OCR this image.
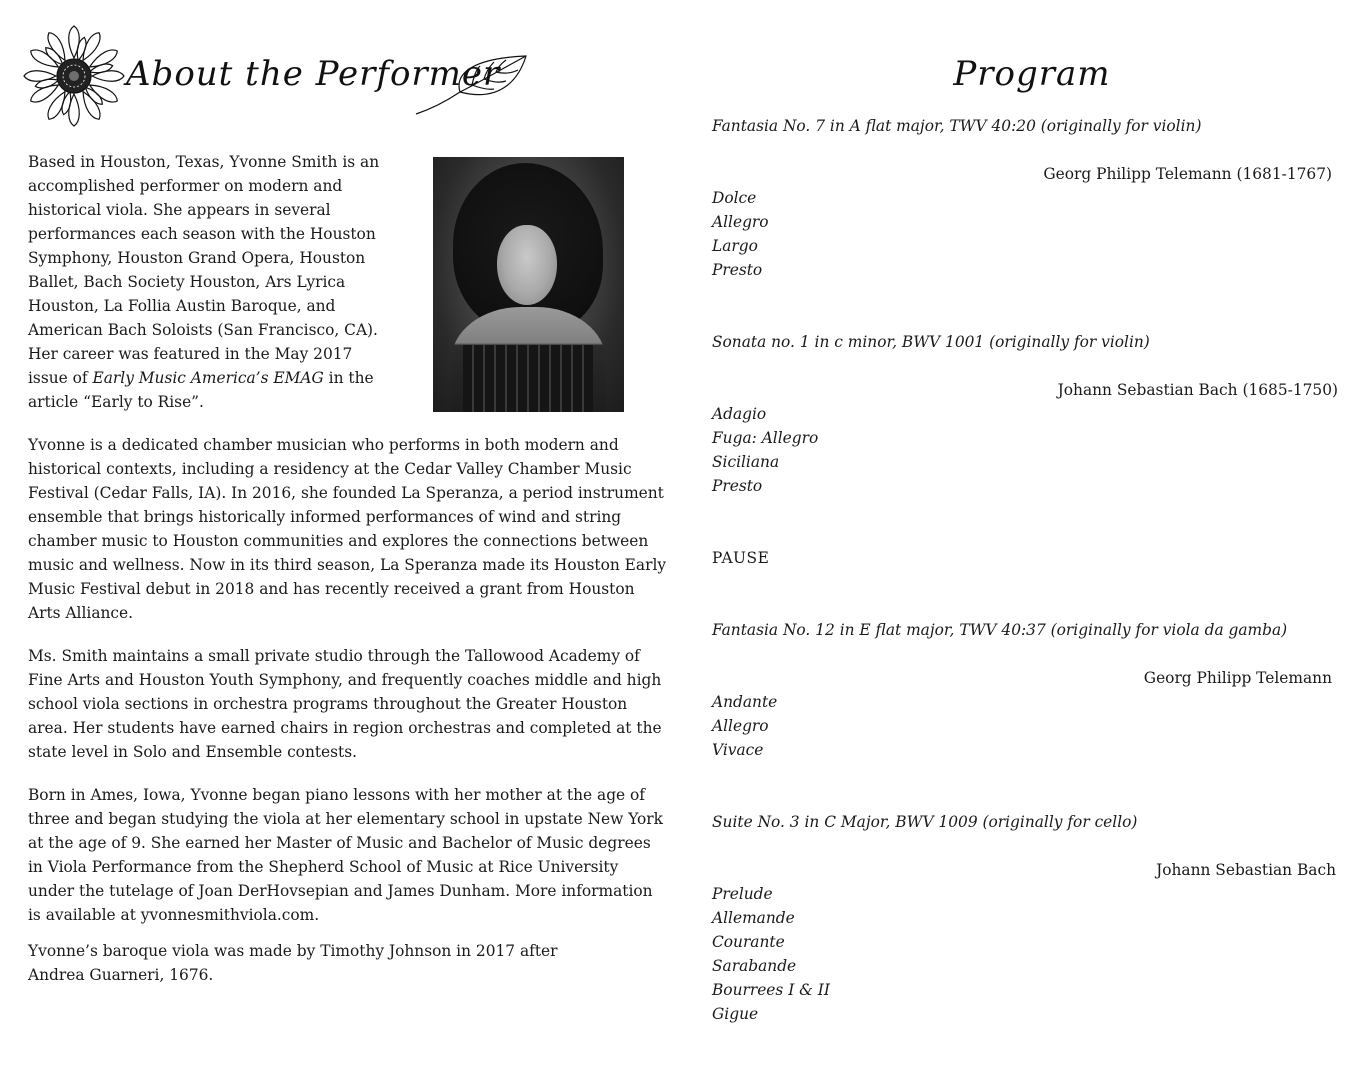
About the Performer

Based in Houston, Texas, Yvonne Smith is an accomplished performer on modern and historical viola. She appears in several performances each season with the Houston Symphony, Houston Grand Opera, Houston Ballet, Bach Society Houston, Ars Lyrica Houston, La Follia Austin Baroque, and American Bach Soloists (San Francisco, CA). Her career was featured in the May 2017 issue of Early Music America’s EMAG in the article “Early to Rise”.

Yvonne is a dedicated chamber musician who performs in both modern and historical contexts, including a residency at the Cedar Valley Chamber Music Festival (Cedar Falls, IA). In 2016, she founded La Speranza, a period instrument ensemble that brings historically informed performances of wind and string chamber music to Houston communities and explores the connections between music and wellness. Now in its third season, La Speranza made its Houston Early Music Festival debut in 2018 and has recently received a grant from Houston Arts Alliance.

Ms. Smith maintains a small private studio through the Tallowood Academy of Fine Arts and Houston Youth Symphony, and frequently coaches middle and high school viola sections in orchestra programs throughout the Greater Houston area. Her students have earned chairs in region orchestras and completed at the state level in Solo and Ensemble contests.

Born in Ames, Iowa, Yvonne began piano lessons with her mother at the age of three and began studying the viola at her elementary school in upstate New York at the age of 9. She earned her Master of Music and Bachelor of Music degrees in Viola Performance from the Shepherd School of Music at Rice University under the tutelage of Joan DerHovsepian and James Dunham. More information is available at yvonnesmithviola.com.

Yvonne’s baroque viola was made by Timothy Johnson in 2017 after Andrea Guarneri, 1676.

Program
Fantasia No. 7 in A flat major, TWV 40:20 (originally for violin)
Georg Philipp Telemann (1681-1767)
Dolce
Allegro
Largo
Presto
Sonata no. 1 in c minor, BWV 1001 (originally for violin)
Johann Sebastian Bach (1685-1750)
Adagio
Fuga: Allegro
Siciliana
Presto
PAUSE
Fantasia No. 12 in E flat major, TWV 40:37 (originally for viola da gamba)
Georg Philipp Telemann
Andante
Allegro
Vivace
Suite No. 3 in C Major, BWV 1009 (originally for cello)
Johann Sebastian Bach
Prelude
Allemande
Courante
Sarabande
Bourrees I & II
Gigue
